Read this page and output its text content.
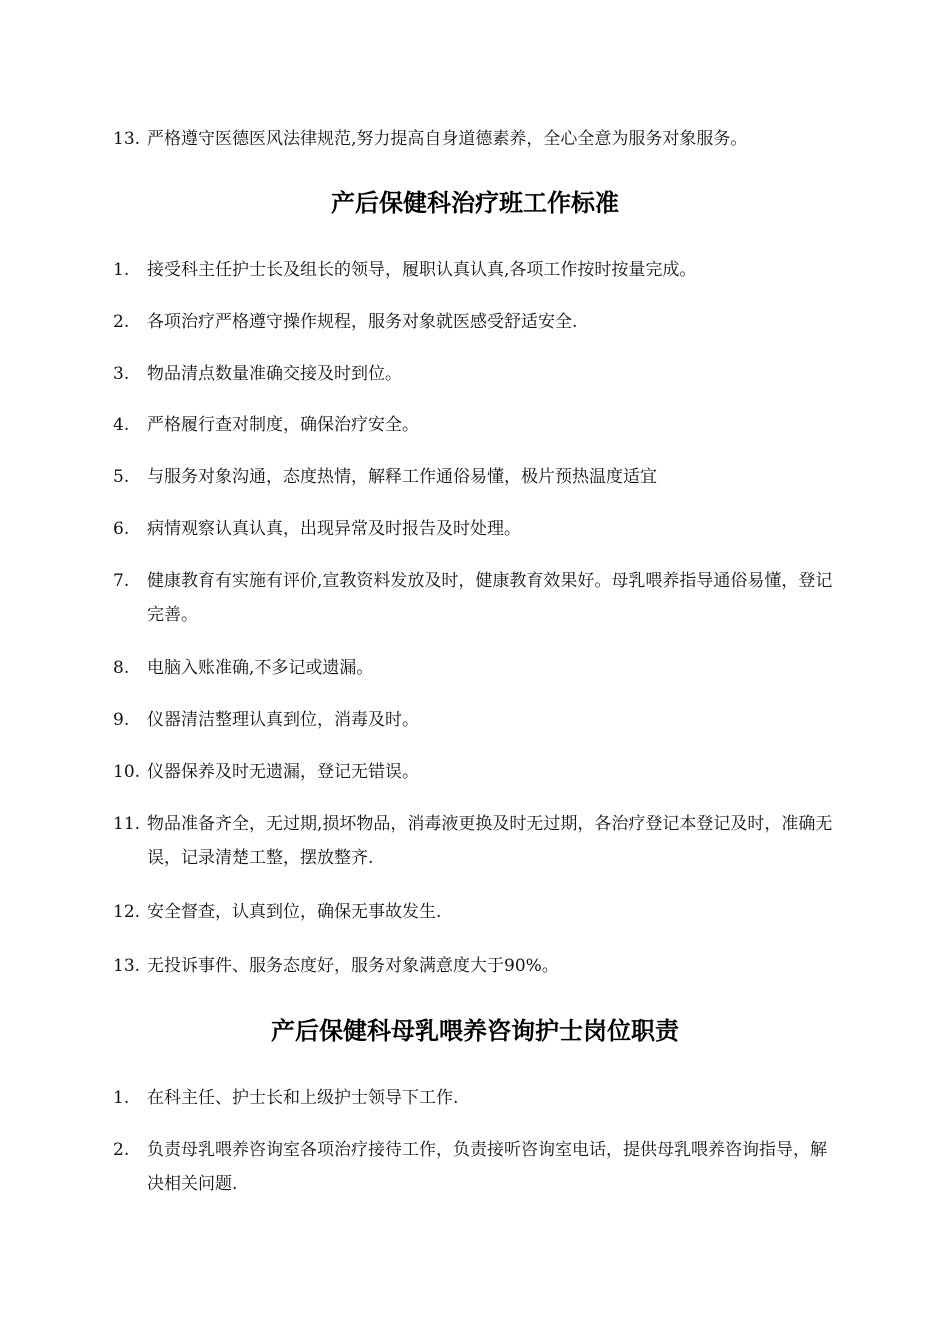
13. 严格遵守医德医风法律规范,努力提高自身道德素养，全心全意为服务对象服务。
产后保健科治疗班工作标准
1.	接受科主任护士长及组长的领导，履职认真认真,各项工作按时按量完成。
2.	各项治疗严格遵守操作规程，服务对象就医感受舒适安全.
3.	物品清点数量准确交接及时到位。
4.	严格履行查对制度，确保治疗安全。
5.	与服务对象沟通，态度热情，解释工作通俗易懂，极片预热温度适宜
6.	病情观察认真认真，出现异常及时报告及时处理。
7.	健康教育有实施有评价,宣教资料发放及时，健康教育效果好。母乳喂养指导通俗易懂，登记完善。
8.	电脑入账准确,不多记或遗漏。
9.	仪器清洁整理认真到位，消毒及时。
10. 仪器保养及时无遗漏，登记无错误。
11. 物品准备齐全，无过期,损坏物品，消毒液更换及时无过期，各治疗登记本登记及时，准确无误，记录清楚工整，摆放整齐.
12. 安全督查，认真到位，确保无事故发生.
13. 无投诉事件、服务态度好，服务对象满意度大于90%。
产后保健科母乳喂养咨询护士岗位职责
1.	在科主任、护士长和上级护士领导下工作.
2.	负责母乳喂养咨询室各项治疗接待工作，负责接听咨询室电话，提供母乳喂养咨询指导，解决相关问题.
